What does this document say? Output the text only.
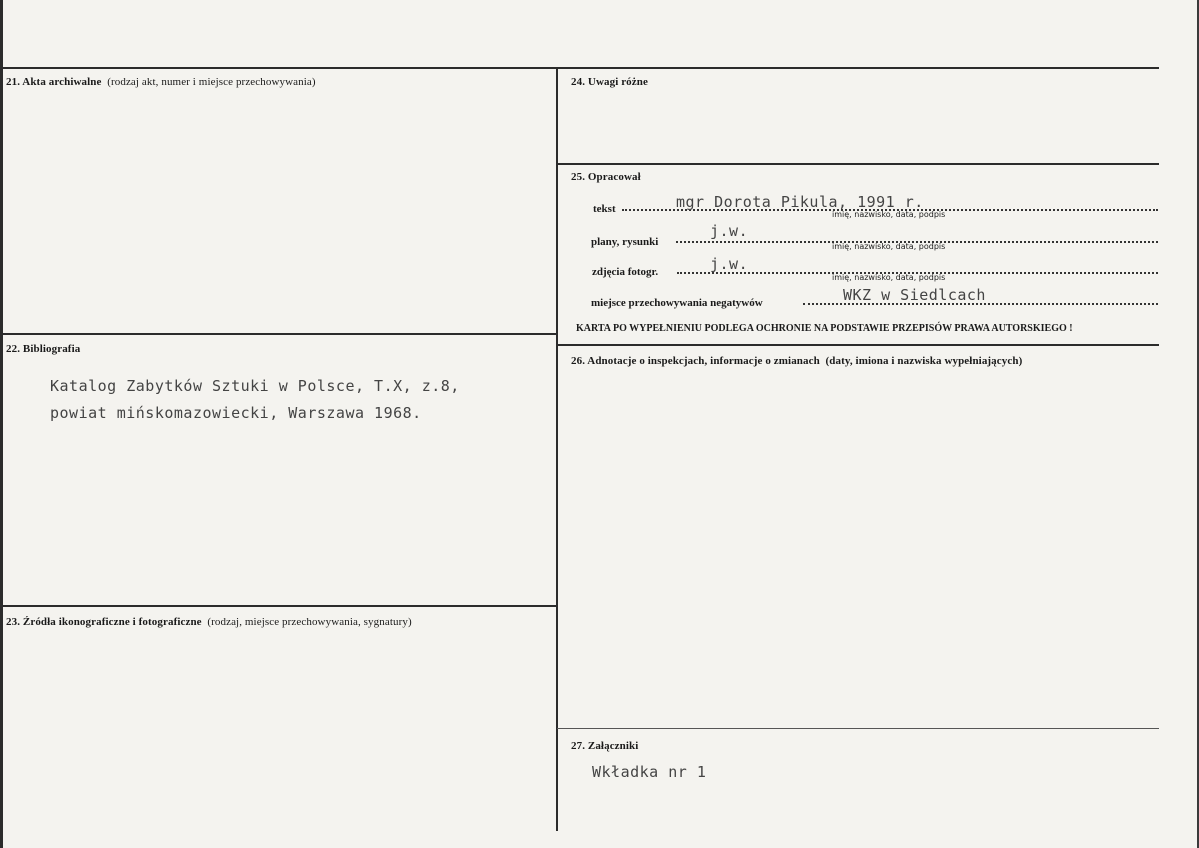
21. Akta archiwalne (rodzaj akt, numer i miejsce przechowywania)
22. Bibliografia
Katalog Zabytków Sztuki w Polsce, T.X, z.8,
powiat mińskomazowiecki, Warszawa 1968.
23. Źródła ikonograficzne i fotograficzne (rodzaj, miejsce przechowywania, sygnatury)
24. Uwagi różne
25. Opracował
tekst	mgr Dorota Pikula, 1991 r.
imię, nazwisko, data, podpis
plany, rysunki
j.w.
imię, nazwisko, data, podpis
zdjęcia fotogr.	j.w.
imię, nazwisko, data, podpis
miejsce przechowywania negatywów	WKZ w Siedlcach
KARTA PO WYPEŁNIENIU PODLEGA OCHRONIE NA PODSTAWIE PRZEPISÓW PRAWA AUTORSKIEGO !
26. Adnotacje o inspekcjach, informacje o zmianach (daty, imiona i nazwiska wypełniających)
27. Załączniki
Wkładka nr 1
